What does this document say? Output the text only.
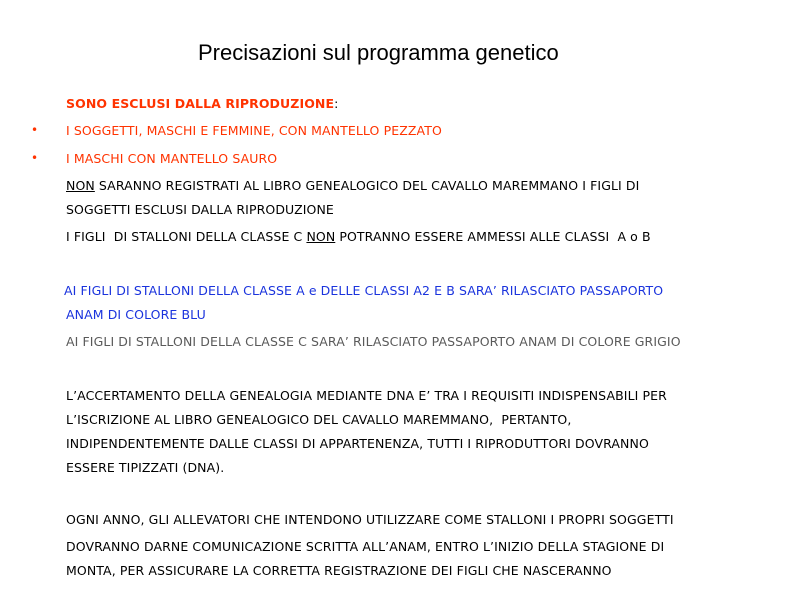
Precisazioni sul programma genetico
SONO ESCLUSI DALLA RIPRODUZIONE:
• I SOGGETTI, MASCHI E FEMMINE, CON MANTELLO PEZZATO
• I MASCHI CON MANTELLO SAURO
NON SARANNO REGISTRATI AL LIBRO GENEALOGICO DEL CAVALLO MAREMMANO I FIGLI DI
SOGGETTI ESCLUSI DALLA RIPRODUZIONE
I FIGLI  DI STALLONI DELLA CLASSE C NON POTRANNO ESSERE AMMESSI ALLE CLASSI  A o B
AI FIGLI DI STALLONI DELLA CLASSE A e DELLE CLASSI A2 E B SARA’ RILASCIATO PASSAPORTO
ANAM DI COLORE BLU
AI FIGLI DI STALLONI DELLA CLASSE C SARA’ RILASCIATO PASSAPORTO ANAM DI COLORE GRIGIO
L’ACCERTAMENTO DELLA GENEALOGIA MEDIANTE DNA E’ TRA I REQUISITI INDISPENSABILI PER
L’ISCRIZIONE AL LIBRO GENEALOGICO DEL CAVALLO MAREMMANO,  PERTANTO,
INDIPENDENTEMENTE DALLE CLASSI DI APPARTENENZA, TUTTI I RIPRODUTTORI DOVRANNO
ESSERE TIPIZZATI (DNA).
OGNI ANNO, GLI ALLEVATORI CHE INTENDONO UTILIZZARE COME STALLONI I PROPRI SOGGETTI
DOVRANNO DARNE COMUNICAZIONE SCRITTA ALL’ANAM, ENTRO L’INIZIO DELLA STAGIONE DI
MONTA, PER ASSICURARE LA CORRETTA REGISTRAZIONE DEI FIGLI CHE NASCERANNO
